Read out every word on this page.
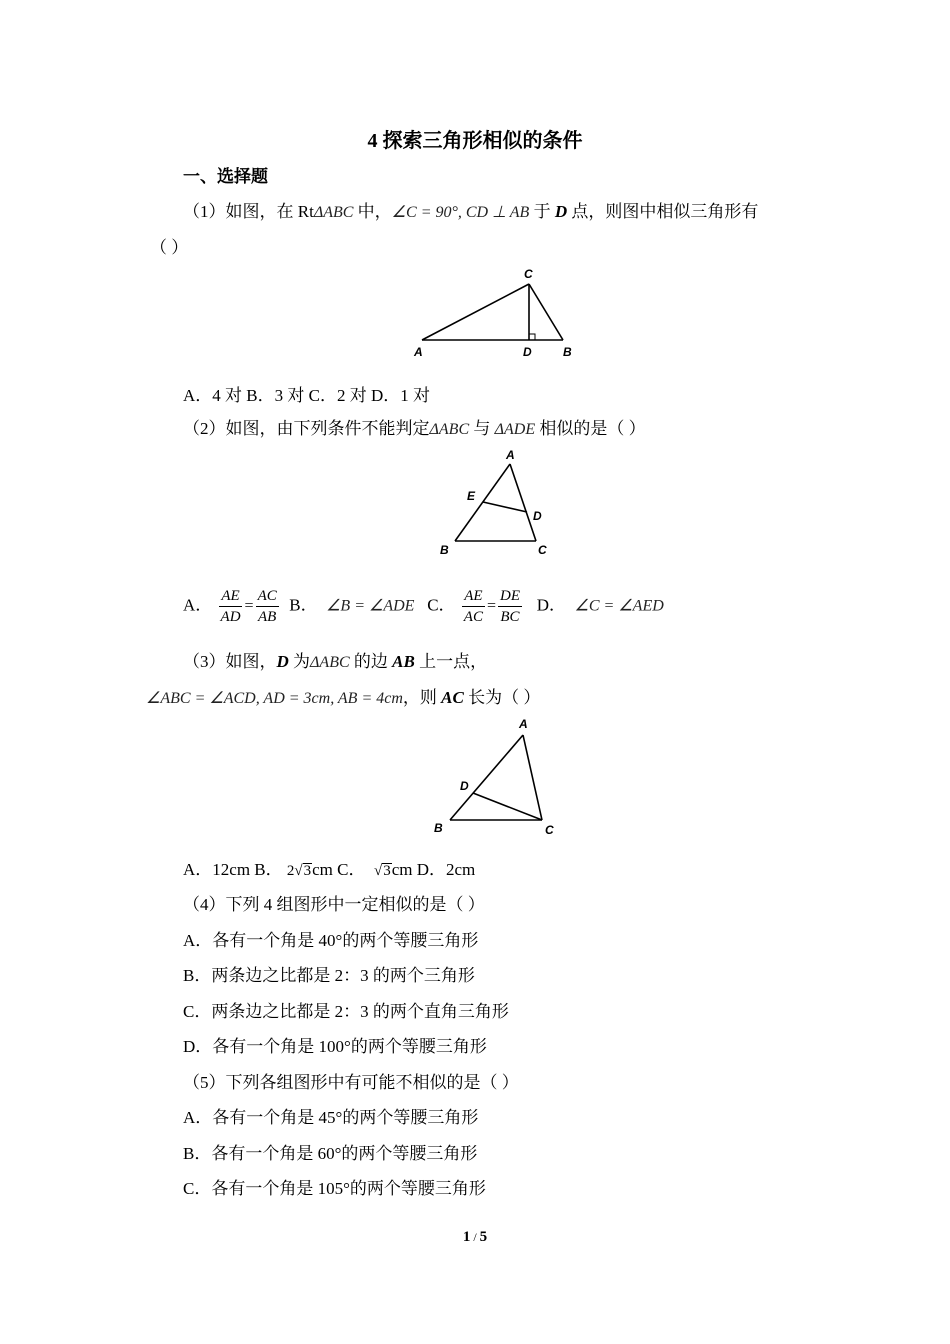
4 探索三角形相似的条件
一、选择题
（1）如图，在 RtΔABC 中，∠C = 90°, CD ⊥ AB 于 D 点，则图中相似三角形有
（ ）
C
A	D	B
A．4 对 B．3 对 C．2 对 D．1 对
（2）如图，由下列条件不能判定ΔABC 与 ΔADE 相似的是（ ）
A
E
D
B	C
A． $\frac{AE}{AD} = \frac{AC}{AB}$ B． ∠B = ∠ADE C． $\frac{AE}{AC} = \frac{DE}{BC}$ D． ∠C = ∠AED
（3）如图，D 为ΔABC 的边 AB 上一点，
∠ABC = ∠ACD, AD = 3cm, AB = 4cm，则 AC 长为（ ）
A
D
B	C
A．12cm B． 2√3cm C． √3cm D．2cm
（4）下列 4 组图形中一定相似的是（ ）
A．各有一个角是 40°的两个等腰三角形
B．两条边之比都是 2：3 的两个三角形
C．两条边之比都是 2：3 的两个直角三角形
D．各有一个角是 100°的两个等腰三角形
（5）下列各组图形中有可能不相似的是（ ）
A．各有一个角是 45°的两个等腰三角形
B．各有一个角是 60°的两个等腰三角形
C．各有一个角是 105°的两个等腰三角形
1 / 5
